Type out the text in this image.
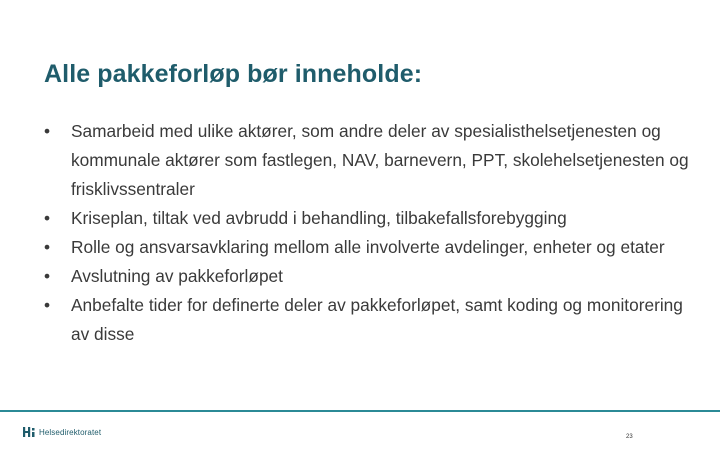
Alle pakkeforløp bør inneholde:
•	Samarbeid med ulike aktører, som andre deler av spesialisthelsetjenesten og kommunale aktører som fastlegen, NAV, barnevern, PPT, skolehelsetjenesten og frisklivssentraler
•	Kriseplan, tiltak ved avbrudd i behandling, tilbakefallsforebygging
•	Rolle og ansvarsavklaring mellom alle involverte avdelinger, enheter og etater
•	Avslutning av pakkeforløpet
•	Anbefalte tider for definerte deler av pakkeforløpet, samt koding og monitorering av disse
Helsedirektoratet
23
